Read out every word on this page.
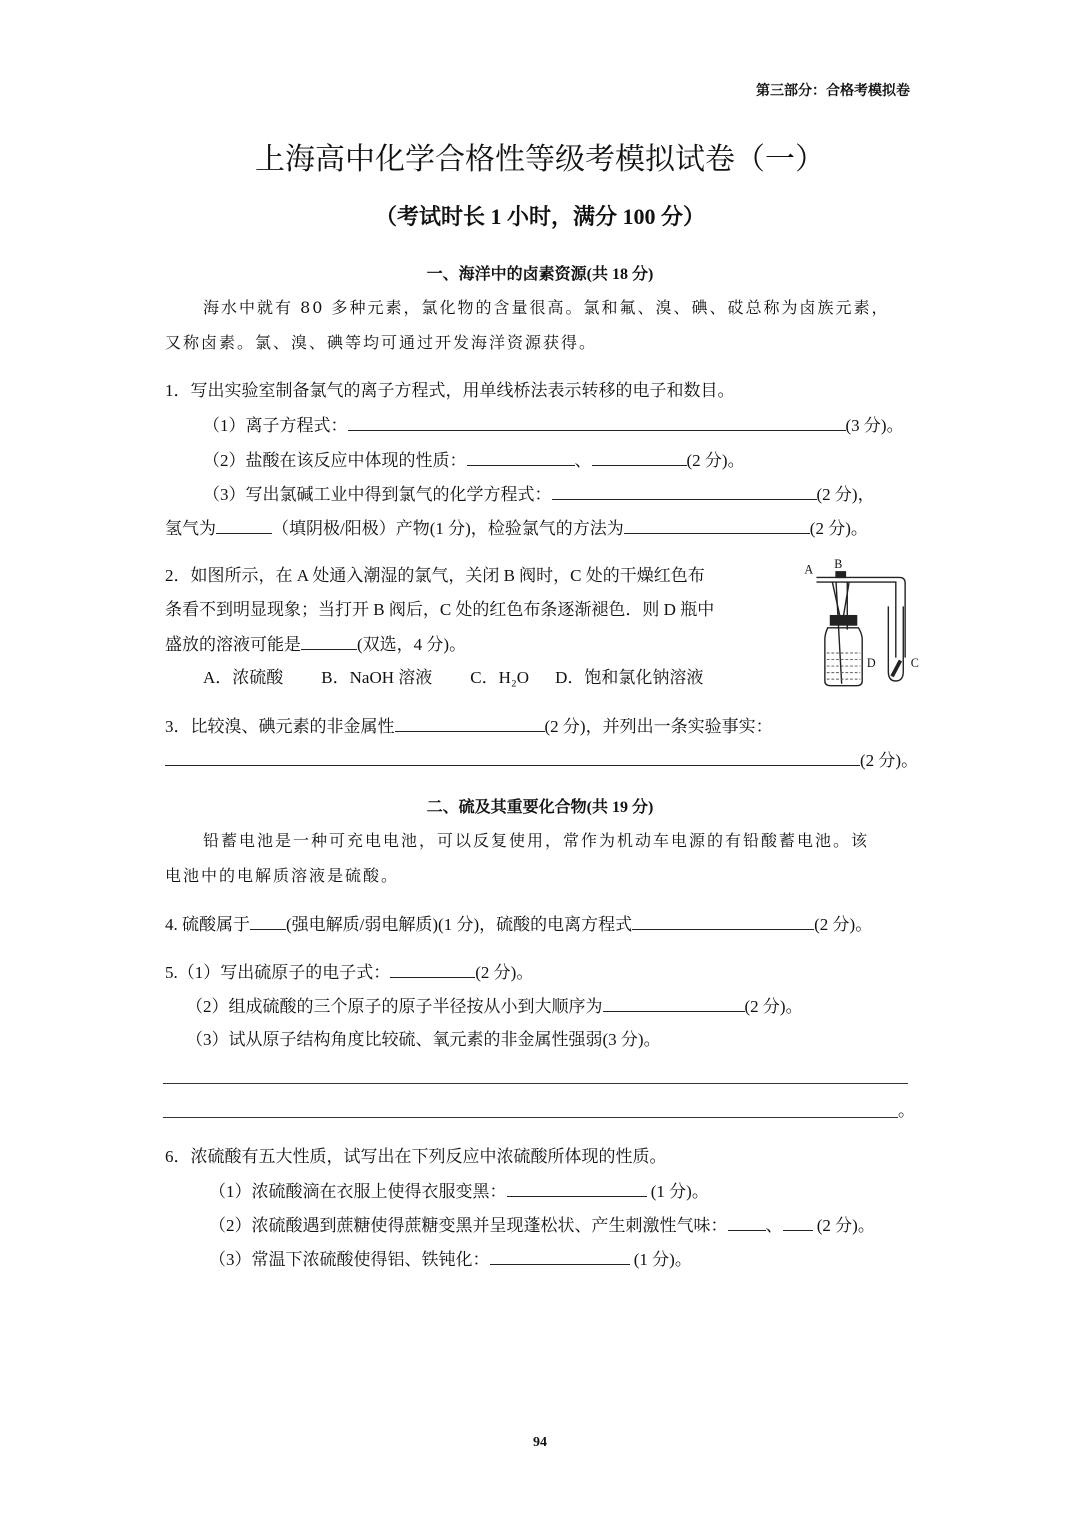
第三部分：合格考模拟卷
上海高中化学合格性等级考模拟试卷（一）
（考试时长 1 小时，满分 100 分）
一、海洋中的卤素资源(共 18 分)
海水中就有 80 多种元素，氯化物的含量很高。氯和氟、溴、碘、砹总称为卤族元素，
又称卤素。氯、溴、碘等均可通过开发海洋资源获得。
1．写出实验室制备氯气的离子方程式，用单线桥法表示转移的电子和数目。
（1）离子方程式：	(3 分)。
（2）盐酸在该反应中体现的性质：	、	(2 分)。
（3）写出氯碱工业中得到氯气的化学方程式：	(2 分)，
氢气为	（填阴极/阳极）产物(1 分)，检验氯气的方法为	(2 分)。
2．如图所示，在 A 处通入潮湿的氯气，关闭 B 阀时，C 处的干燥红色布
条看不到明显现象；当打开 B 阀后，C 处的红色布条逐渐褪色．则 D 瓶中
盛放的溶液可能是	(双选，4 分)。
A．浓硫酸 B．NaOH 溶液 C．H₂O D．饱和氯化钠溶液
A B
C
D
3．比较溴、碘元素的非金属性	(2 分)，并列出一条实验事实：
(2 分)。
二、硫及其重要化合物(共 19 分)
铅蓄电池是一种可充电电池，可以反复使用，常作为机动车电源的有铅酸蓄电池。该
电池中的电解质溶液是硫酸。
4. 硫酸属于 (强电解质/弱电解质)(1 分)，硫酸的电离方程式	(2 分)。
5.（1）写出硫原子的电子式：	(2 分)。
（2）组成硫酸的三个原子的原子半径按从小到大顺序为	(2 分)。
（3）试从原子结构角度比较硫、氧元素的非金属性强弱(3 分)。
。
6．浓硫酸有五大性质，试写出在下列反应中浓硫酸所体现的性质。
（1）浓硫酸滴在衣服上使得衣服变黑：	(1 分)。
（2）浓硫酸遇到蔗糖使得蔗糖变黑并呈现蓬松状、产生刺激性气味： 、 (2 分)。
（3）常温下浓硫酸使得铝、铁钝化：	(1 分)。
94
